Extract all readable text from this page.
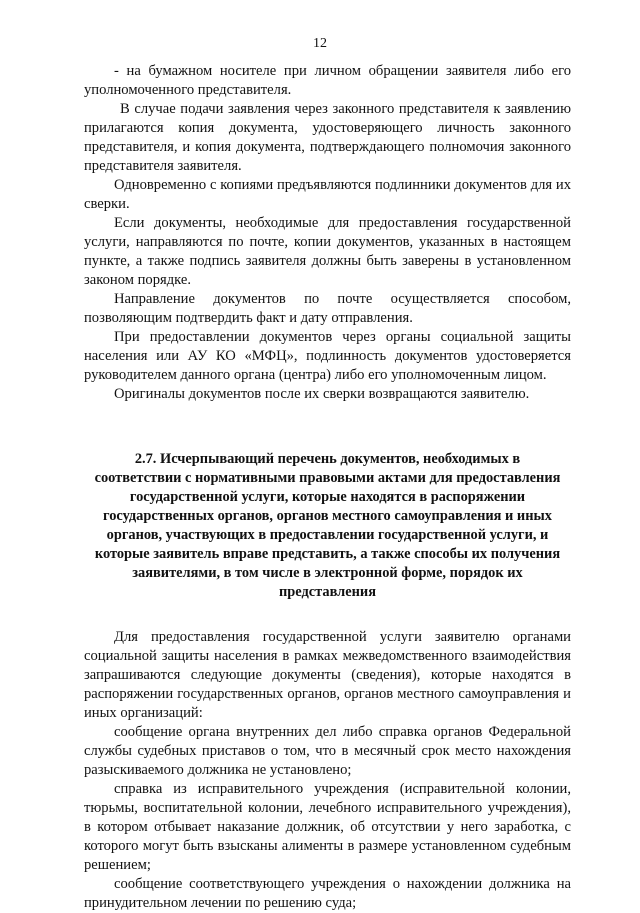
12

- на бумажном носителе при личном обращении заявителя либо его уполномоченного представителя.

В случае подачи заявления через законного представителя к заявлению прилагаются копия документа, удостоверяющего личность законного представителя, и копия документа, подтверждающего полномочия законного представителя заявителя.

Одновременно с копиями предъявляются подлинники документов для их сверки.

Если документы, необходимые для предоставления государственной услуги, направляются по почте, копии документов, указанных в настоящем пункте, а также подпись заявителя должны быть заверены в установленном законом порядке.

Направление документов по почте осуществляется способом, позволяющим подтвердить факт и дату отправления.

При предоставлении документов через органы социальной защиты населения или АУ КО «МФЦ», подлинность документов удостоверяется руководителем данного органа (центра) либо его уполномоченным лицом.

Оригиналы документов после их сверки возвращаются заявителю.

2.7. Исчерпывающий перечень документов, необходимых в соответствии с нормативными правовыми актами для предоставления государственной услуги, которые находятся в распоряжении государственных органов, органов местного самоуправления и иных органов, участвующих в предоставлении государственной услуги, и которые заявитель вправе представить, а также способы их получения заявителями, в том числе в электронной форме, порядок их представления

Для предоставления государственной услуги заявителю органами социальной защиты населения в рамках межведомственного взаимодействия запрашиваются следующие документы (сведения), которые находятся в распоряжении государственных органов, органов местного самоуправления и иных организаций:

сообщение органа внутренних дел либо справка органов Федеральной службы судебных приставов о том, что в месячный срок место нахождения разыскиваемого должника не установлено;

справка из исправительного учреждения (исправительной колонии, тюрьмы, воспитательной колонии, лечебного исправительного учреждения), в котором отбывает наказание должник, об отсутствии у него заработка, с которого могут быть взысканы алименты в размере установленном судебным решением;

сообщение соответствующего учреждения о нахождении должника на принудительном лечении по решению суда;
